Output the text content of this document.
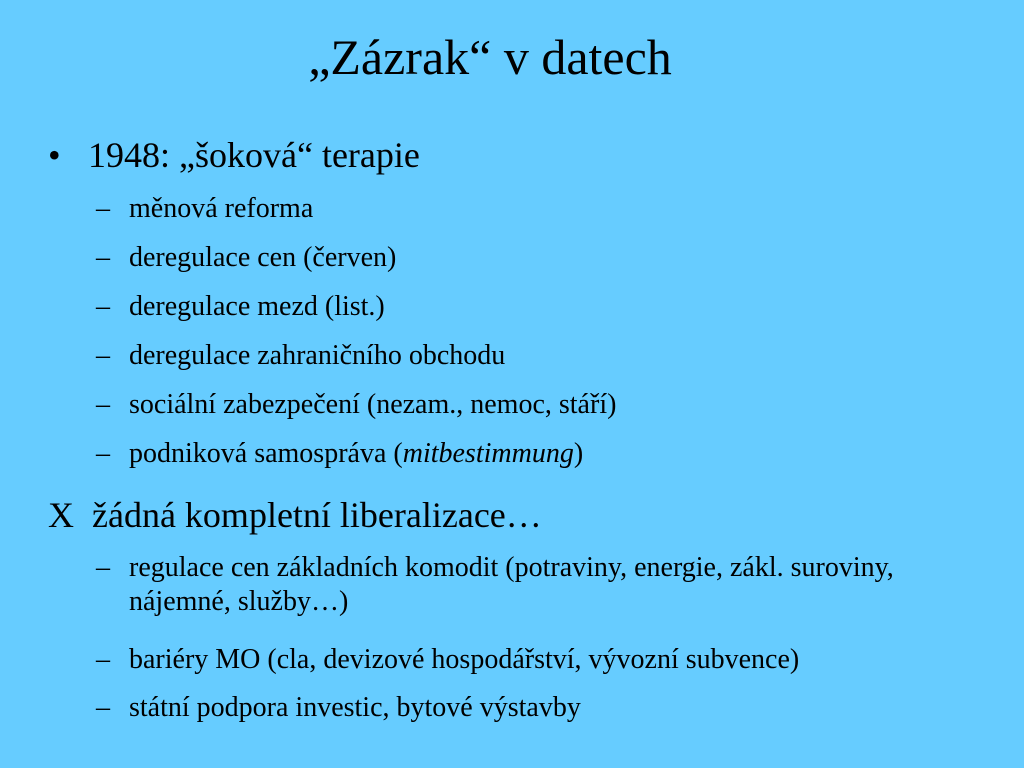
„Zázrak“ v datech
• 1948: „šoková“ terapie
– měnová reforma
– deregulace cen (červen)
– deregulace mezd (list.)
– deregulace zahraničního obchodu
– sociální zabezpečení (nezam., nemoc, stáří)
– podniková samospráva (mitbestimmung)
X žádná kompletní liberalizace…
– regulace cen základních komodit (potraviny, energie, zákl. suroviny, nájemné, služby…)
– bariéry MO (cla, devizové hospodářství, vývozní subvence)
– státní podpora investic, bytové výstavby
